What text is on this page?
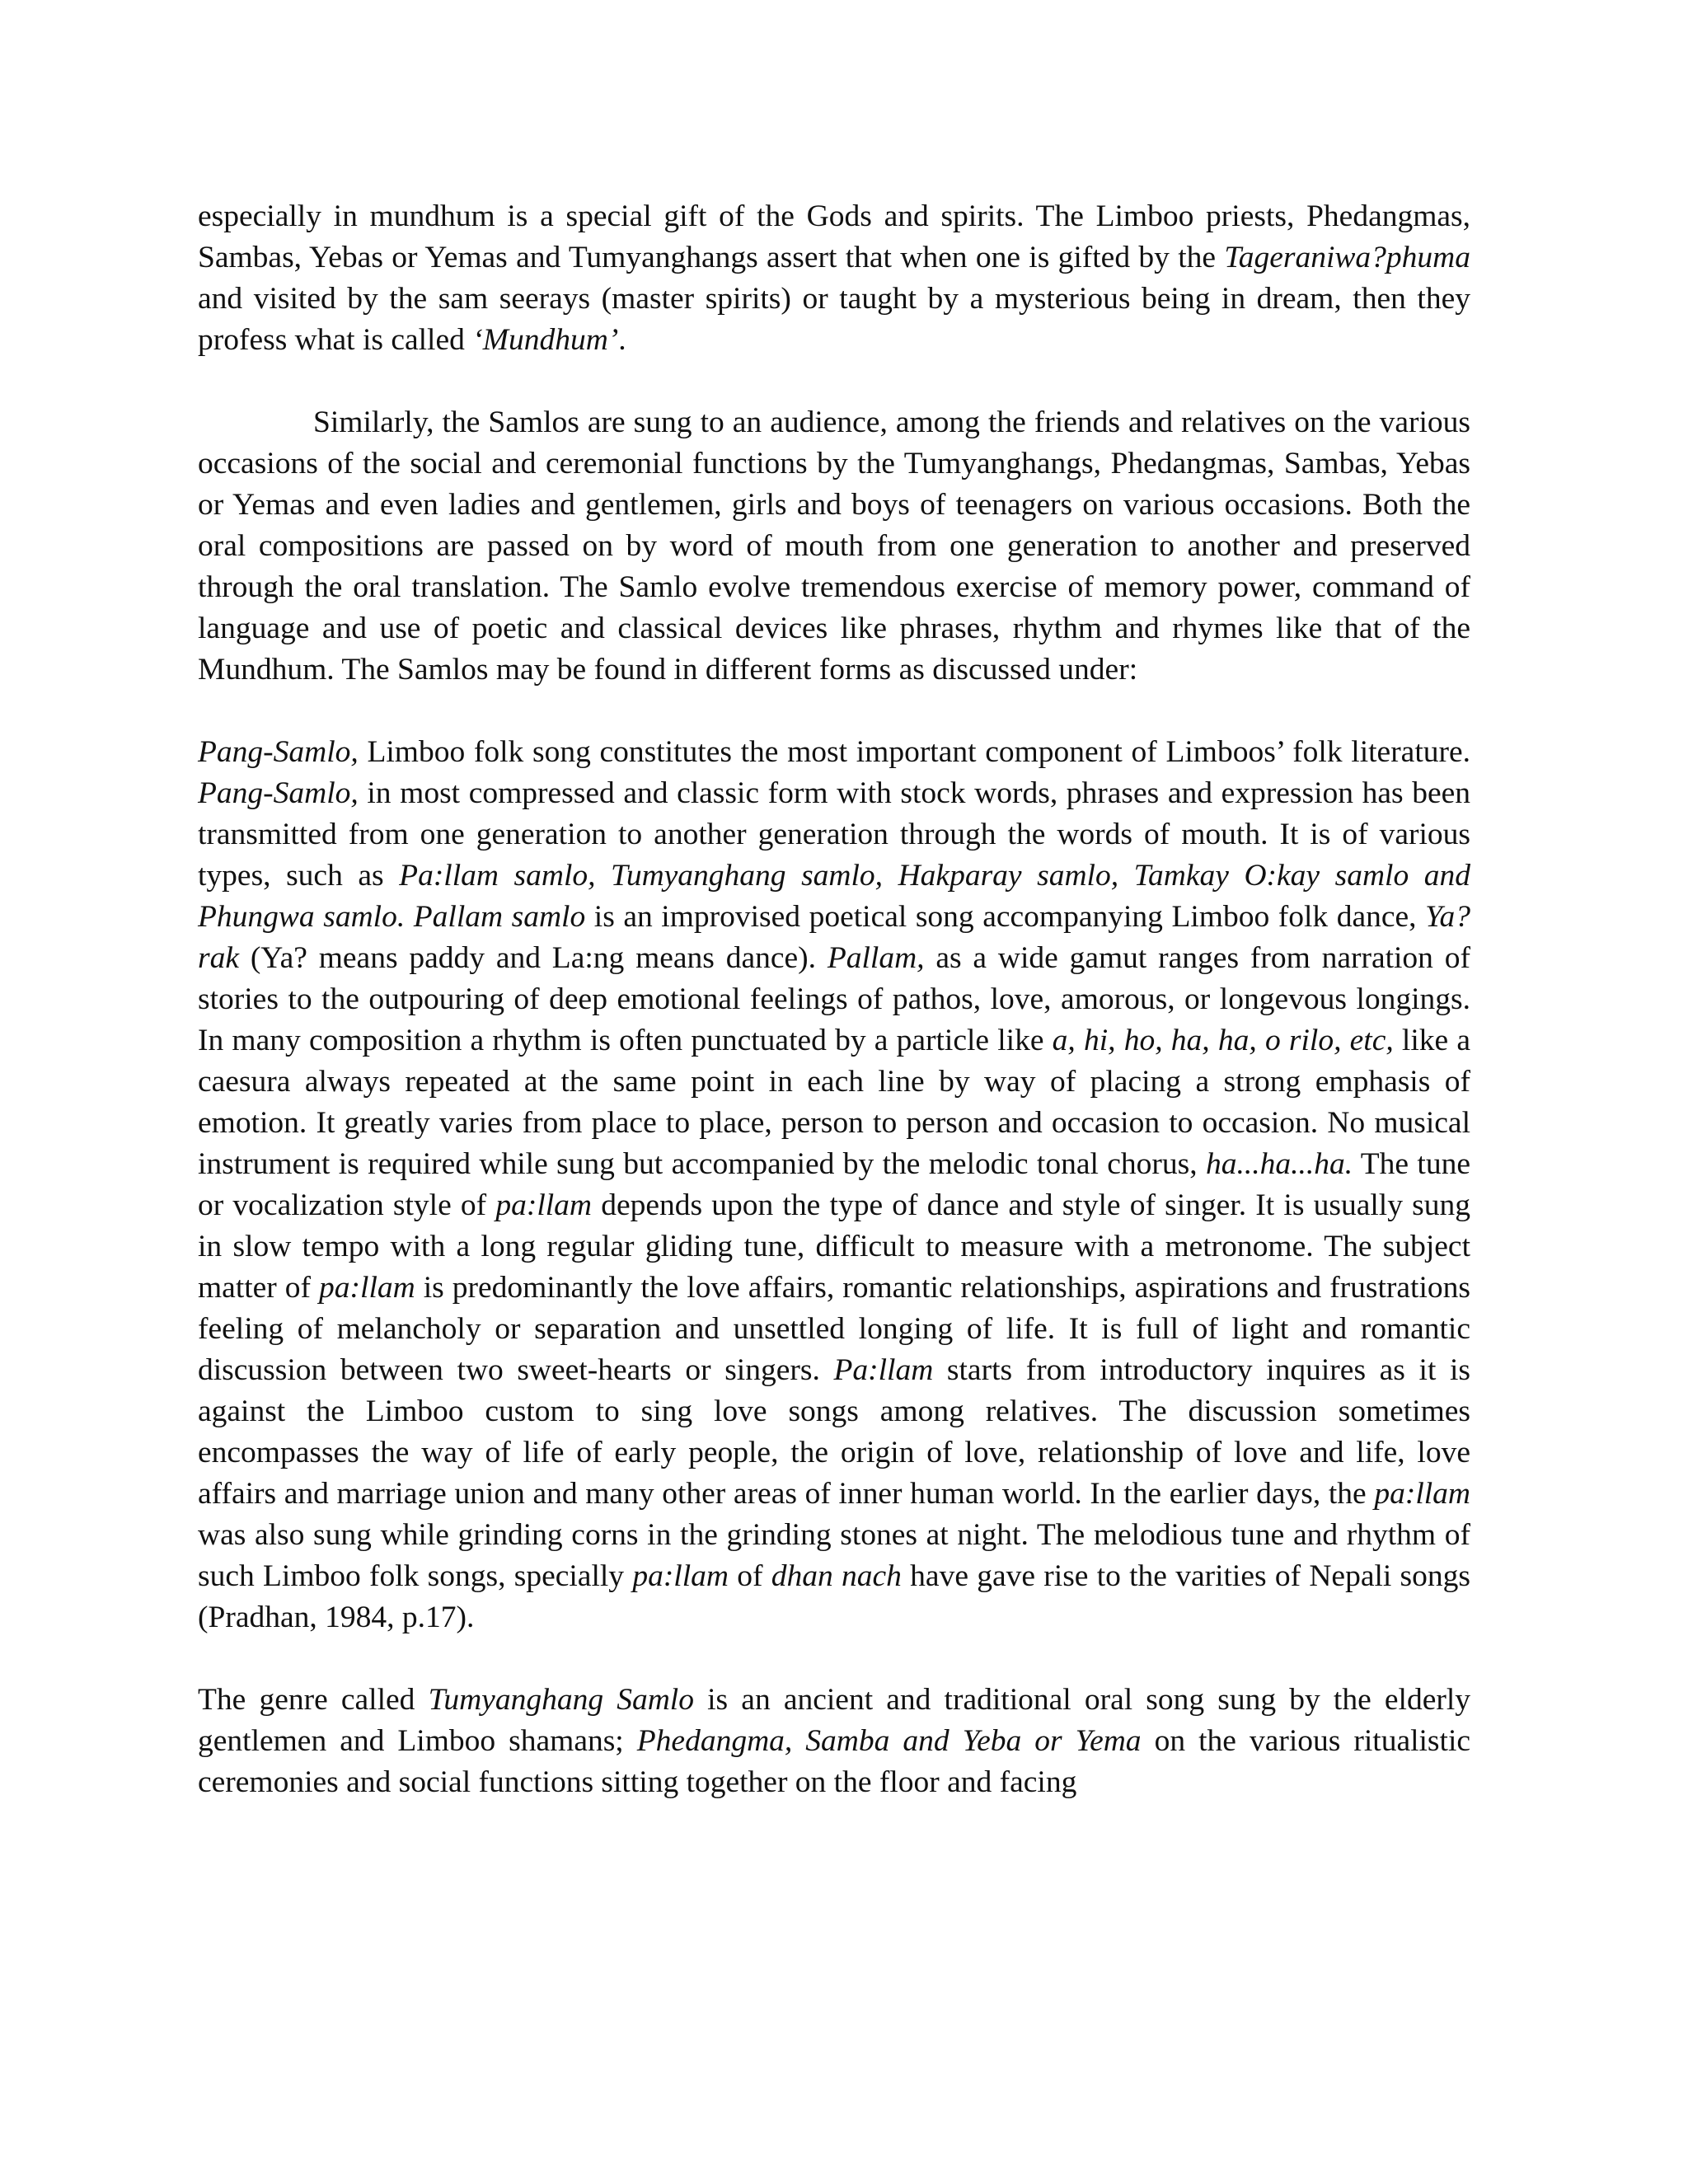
especially in mundhum is a special gift of the Gods and spirits. The Limboo priests, Phedangmas, Sambas, Yebas or Yemas and Tumyanghangs assert that when one is gifted by the Tageraniwa?phuma and visited by the sam seerays (master spirits) or taught by a mysterious being in dream, then they profess what is called ‘Mundhum’.

Similarly, the Samlos are sung to an audience, among the friends and relatives on the various occasions of the social and ceremonial functions by the Tumyanghangs, Phedangmas, Sambas, Yebas or Yemas and even ladies and gentlemen, girls and boys of teenagers on various occasions. Both the oral compositions are passed on by word of mouth from one generation to another and preserved through the oral translation. The Samlo evolve tremendous exercise of memory power, command of language and use of poetic and classical devices like phrases, rhythm and rhymes like that of the Mundhum. The Samlos may be found in different forms as discussed under:

Pang-Samlo, Limboo folk song constitutes the most important component of Limboos’ folk literature. Pang-Samlo, in most compressed and classic form with stock words, phrases and expression has been transmitted from one generation to another generation through the words of mouth. It is of various types, such as Pa:llam samlo, Tumyanghang samlo, Hakparay samlo, Tamkay O:kay samlo and Phungwa samlo. Pallam samlo is an improvised poetical song accompanying Limboo folk dance, Ya?rak (Ya? means paddy and La:ng means dance). Pallam, as a wide gamut ranges from narration of stories to the outpouring of deep emotional feelings of pathos, love, amorous, or longevous longings. In many composition a rhythm is often punctuated by a particle like a, hi, ho, ha, ha, o rilo, etc, like a caesura always repeated at the same point in each line by way of placing a strong emphasis of emotion. It greatly varies from place to place, person to person and occasion to occasion. No musical instrument is required while sung but accompanied by the melodic tonal chorus, ha...ha...ha. The tune or vocalization style of pa:llam depends upon the type of dance and style of singer. It is usually sung in slow tempo with a long regular gliding tune, difficult to measure with a metronome. The subject matter of pa:llam is predominantly the love affairs, romantic relationships, aspirations and frustrations feeling of melancholy or separation and unsettled longing of life. It is full of light and romantic discussion between two sweet-hearts or singers. Pa:llam starts from introductory inquires as it is against the Limboo custom to sing love songs among relatives. The discussion sometimes encompasses the way of life of early people, the origin of love, relationship of love and life, love affairs and marriage union and many other areas of inner human world. In the earlier days, the pa:llam was also sung while grinding corns in the grinding stones at night. The melodious tune and rhythm of such Limboo folk songs, specially pa:llam of dhan nach have gave rise to the varities of Nepali songs (Pradhan, 1984, p.17).

The genre called Tumyanghang Samlo is an ancient and traditional oral song sung by the elderly gentlemen and Limboo shamans; Phedangma, Samba and Yeba or Yema on the various ritualistic ceremonies and social functions sitting together on the floor and facing
